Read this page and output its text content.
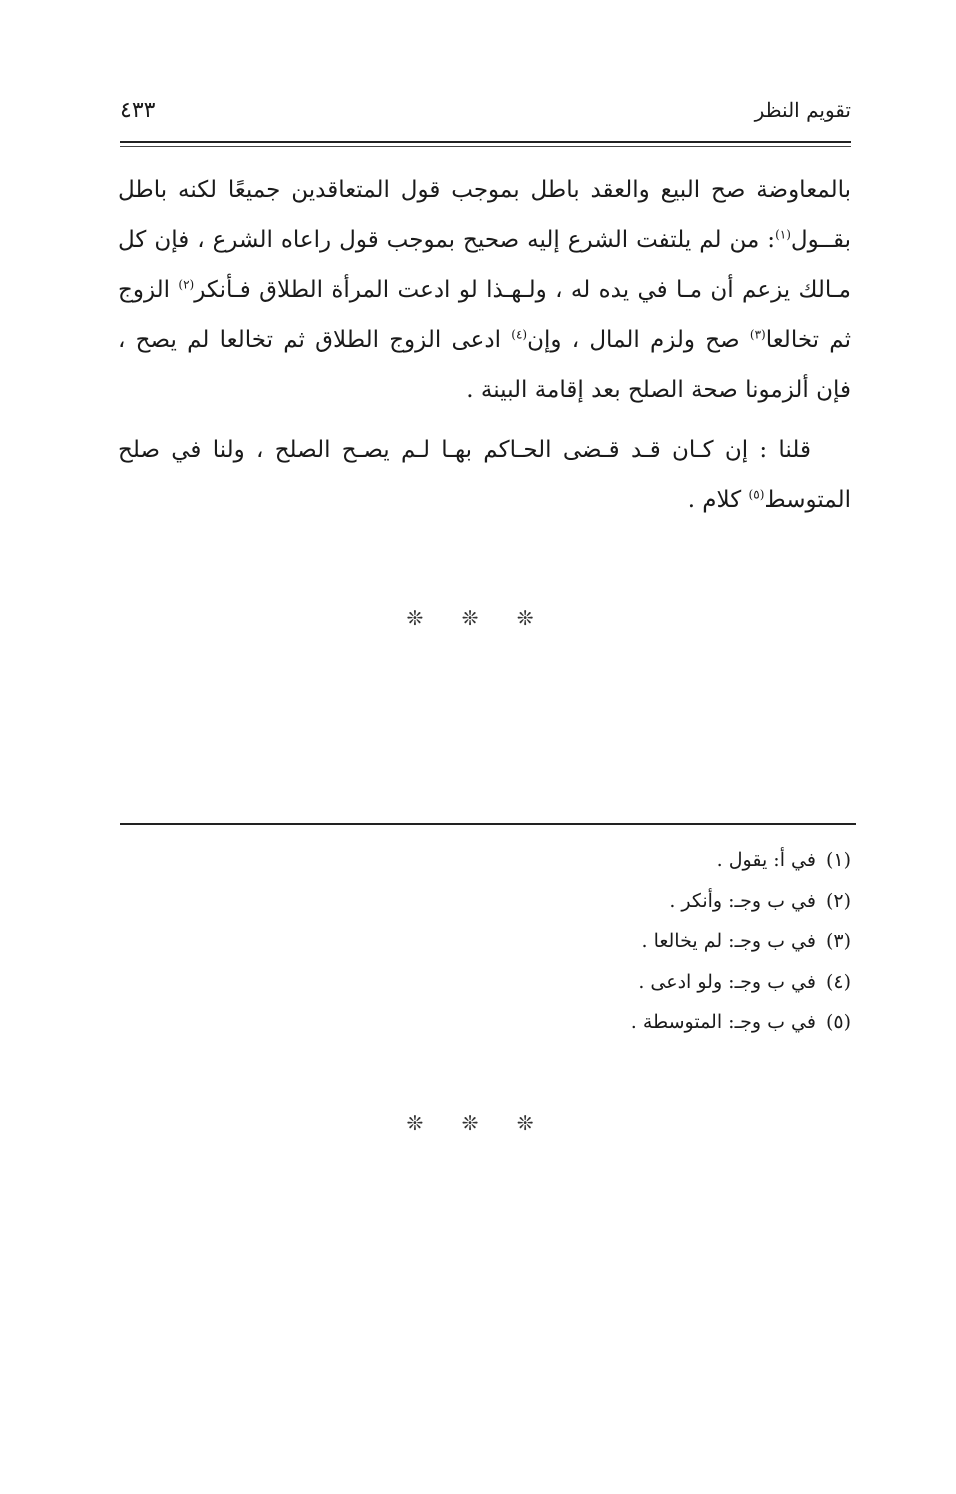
تقويم النظر
٤٣٣

بالمعاوضة صح البيع والعقد باطل بموجب قول المتعاقدين جميعًا لكنه باطل بقــول$^{(١)}$: من لم يلتفت الشرع إليه صحيح بموجب قول راعاه الشرع ، فإن كل مـالك يزعم أن مـا في يده له ، ولـهـذا لو ادعت المرأة الطلاق فـأنكر$^{(٢)}$ الزوج ثم تخالعا$^{(٣)}$ صح ولزم المال ، وإن$^{(٤)}$ ادعى الزوج الطلاق ثم تخالعا لم يصح ، فإن ألزمونا صحة الصلح بعد إقامة البينة .

قلنا : إن كـان قـد قـضى الحـاكم بهـا لـم يصـح الصلح ، ولنا في صلح المتوسط$^{(٥)}$ كلام .

❊ ❊ ❊
(١)في أ: يقول .
(٢)في ب وجـ: وأنكر .
(٣)في ب وجـ: لم يخالعا .
(٤)في ب وجـ: ولو ادعى .
(٥)في ب وجـ: المتوسطة .
❊ ❊ ❊
